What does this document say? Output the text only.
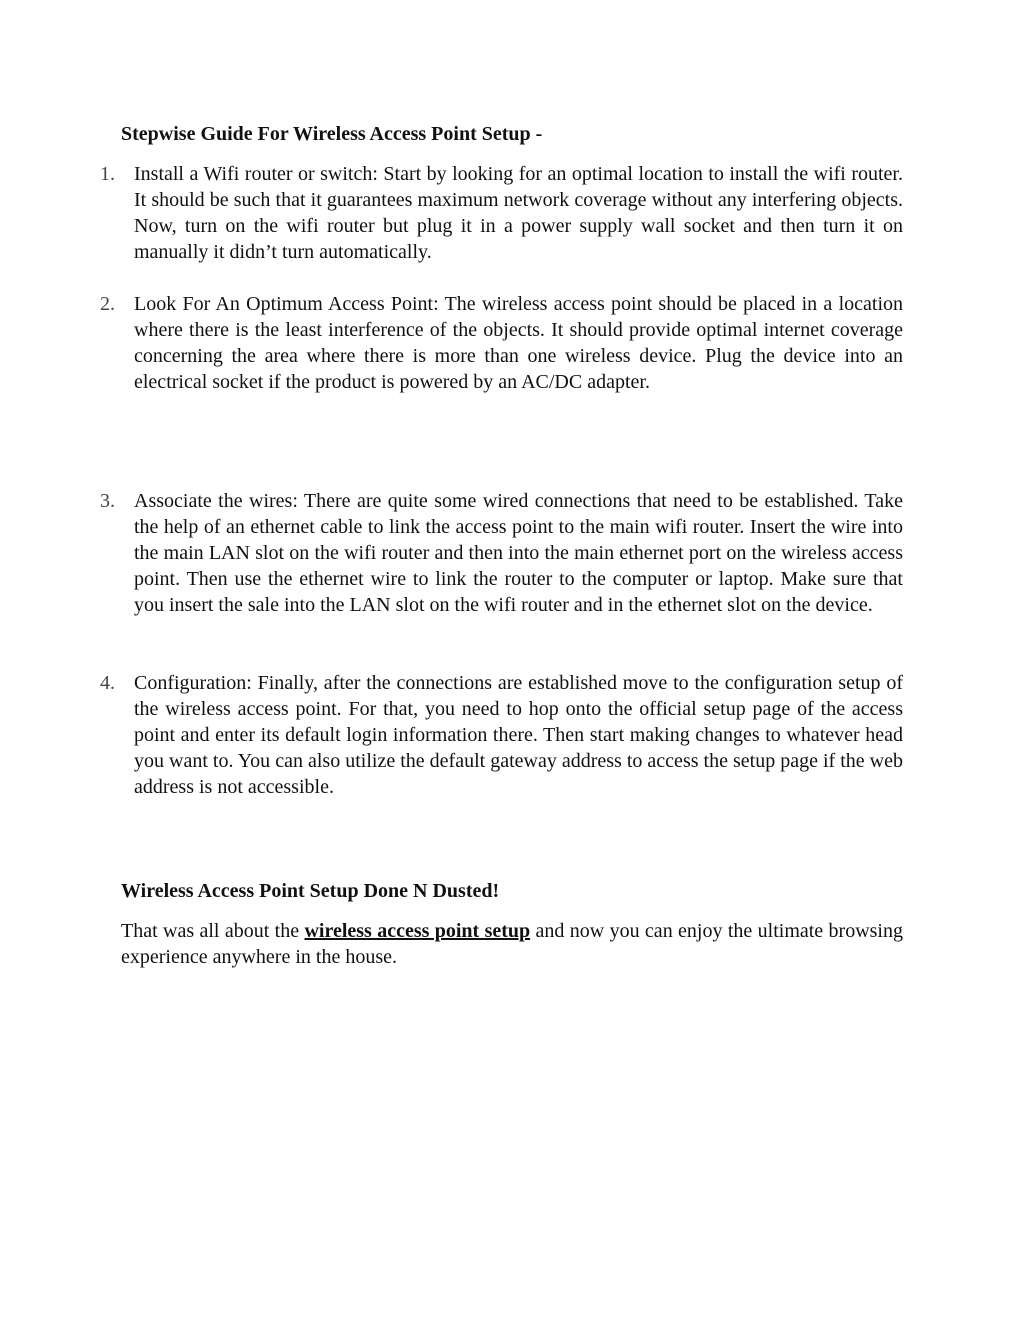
Stepwise Guide For Wireless Access Point Setup -
1. Install a Wifi router or switch: Start by looking for an optimal location to install the wifi router. It should be such that it guarantees maximum network coverage without any interfering objects. Now, turn on the wifi router but plug it in a power supply wall socket and then turn it on manually it didn’t turn automatically.
2. Look For An Optimum Access Point: The wireless access point should be placed in a location where there is the least interference of the objects. It should provide optimal internet coverage concerning the area where there is more than one wireless device. Plug the device into an electrical socket if the product is powered by an AC/DC adapter.
3. Associate the wires: There are quite some wired connections that need to be established. Take the help of an ethernet cable to link the access point to the main wifi router. Insert the wire into the main LAN slot on the wifi router and then into the main ethernet port on the wireless access point. Then use the ethernet wire to link the router to the computer or laptop. Make sure that you insert the sale into the LAN slot on the wifi router and in the ethernet slot on the device.
4. Configuration: Finally, after the connections are established move to the configuration setup of the wireless access point. For that, you need to hop onto the official setup page of the access point and enter its default login information there. Then start making changes to whatever head you want to. You can also utilize the default gateway address to access the setup page if the web address is not accessible.
Wireless Access Point Setup Done N Dusted!

That was all about the wireless access point setup and now you can enjoy the ultimate browsing experience anywhere in the house.
